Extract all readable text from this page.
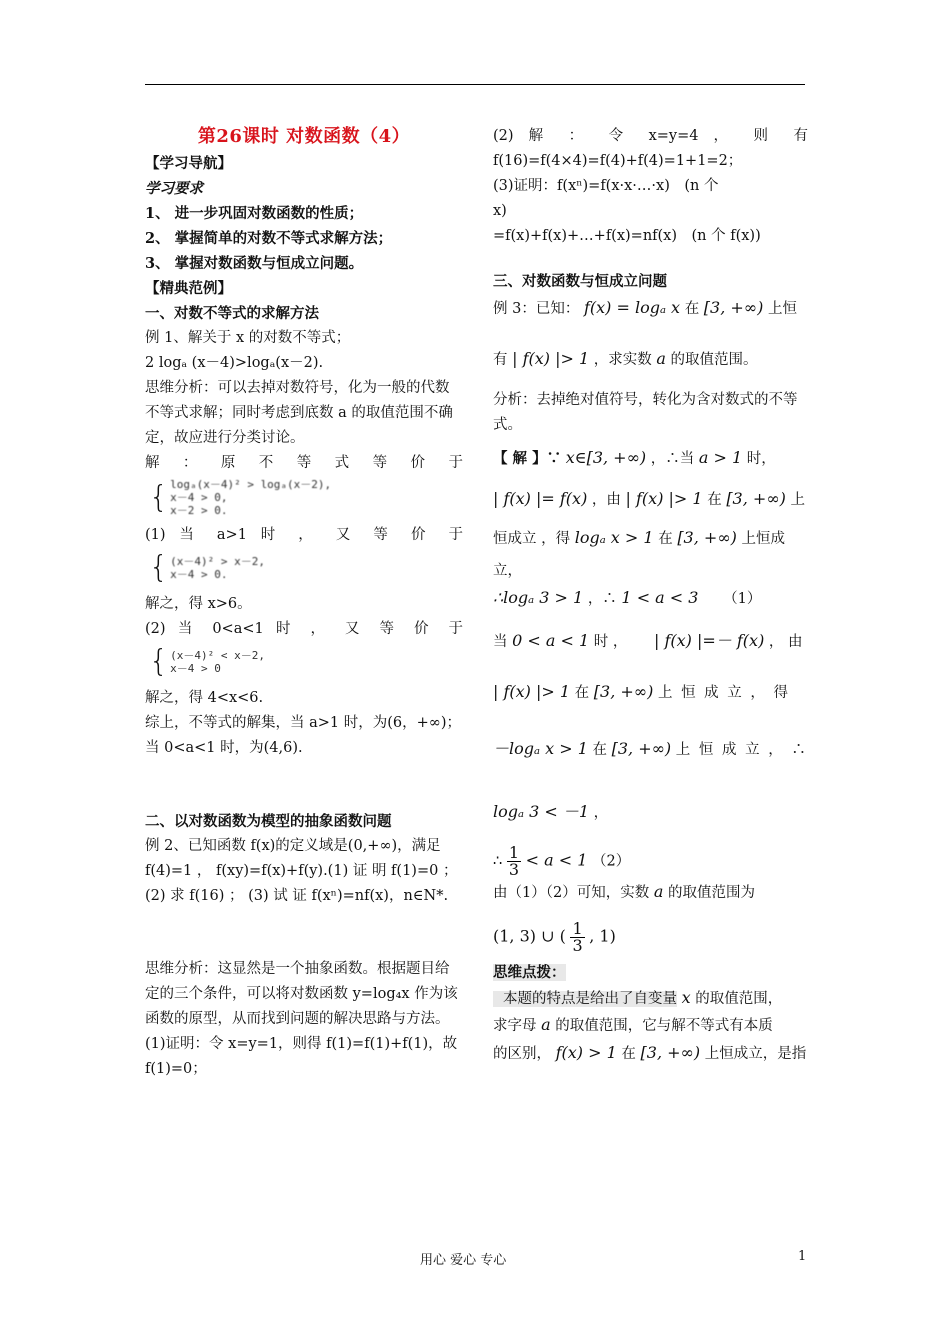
第26课时 对数函数（4）

【学习导航】

学习要求

1、 进一步巩固对数函数的性质；

2、 掌握简单的对数不等式求解方法；

3、 掌握对数函数与恒成立问题。

【精典范例】

一、对数不等式的求解方法

例 1、解关于 x 的对数不等式；

2 logₐ (x－4)>logₐ(x－2).

思维分析：可以去掉对数符号，化为一般的代数不等式求解；同时考虑到底数 a 的取值范围不确定，故应进行分类讨论。

解 ： 原 不 等 式 等 价 于

{ logₐ(x－4)² > logₐ(x－2),
x－4 > 0,
x－2 > 0.

(1) 当 a>1 时 ， 又 等 价 于

{ (x－4)² > x－2,
x－4 > 0.

解之，得 x>6。

(2) 当 0<a<1 时 ， 又 等 价 于

{ (x－4)² < x－2,
x－4 > 0

解之，得 4<x<6.

综上，不等式的解集，当 a>1 时，为(6，+∞)；

当 0<a<1 时，为(4,6).

二、以对数函数为模型的抽象函数问题

例 2、已知函数 f(x)的定义域是(0,+∞)，满足 f(4)=1 ， f(xy)=f(x)+f(y).(1) 证 明 f(1)=0 ； (2) 求 f(16) ； (3) 试 证 f(xⁿ)=nf(x)，n∈N*.

思维分析：这显然是一个抽象函数。根据题目给定的三个条件，可以将对数函数 y=log₄x 作为该函数的原型，从而找到问题的解决思路与方法。

(1)证明：令 x=y=1，则得 f(1)=f(1)+f(1)，故 f(1)=0；

(2) 解 ： 令 x=y=4 ， 则 有

f(16)=f(4×4)=f(4)+f(4)=1+1=2；

(3)证明：f(xⁿ)=f(x·x·…·x)　(n 个

x)

=f(x)+f(x)+…+f(x)=nf(x)　(n 个 f(x))

三、对数函数与恒成立问题

例 3：已知： f(x) = logₐ x 在 [3, +∞) 上恒

有 | f(x) |> 1 ，求实数 a 的取值范围。

分析：去掉绝对值符号，转化为含对数式的不等式。

【 解 】∵ x∈[3, +∞) ，∴当 a > 1 时，

| f(x) |= f(x) ，由 | f(x) |> 1 在 [3, +∞) 上

恒成立 ，得 logₐ x > 1 在 [3, +∞) 上恒成

立，

∴logₐ 3 > 1 ，∴ 1 < a < 3 （1）

当 0 < a < 1 时 ， | f(x) |=－ f(x) ， 由

| f(x) |> 1 在 [3, +∞) 上 恒 成 立 ， 得

－logₐ x > 1 在 [3, +∞) 上 恒 成 立 ， ∴

logₐ 3 < －1 ，

∴ $\frac{1}{3} < a < 1$ （2）

由（1）（2）可知，实数 a 的取值范围为

(1, 3) ∪ ( $\frac{1}{3}$ , 1)

思维点拨：

本题的特点是给出了自变量 x 的取值范围，

求字母 a 的取值范围，它与解不等式有本质

的区别， f(x) > 1 在 [3, +∞) 上恒成立，是指

用心 爱心 专心	1
